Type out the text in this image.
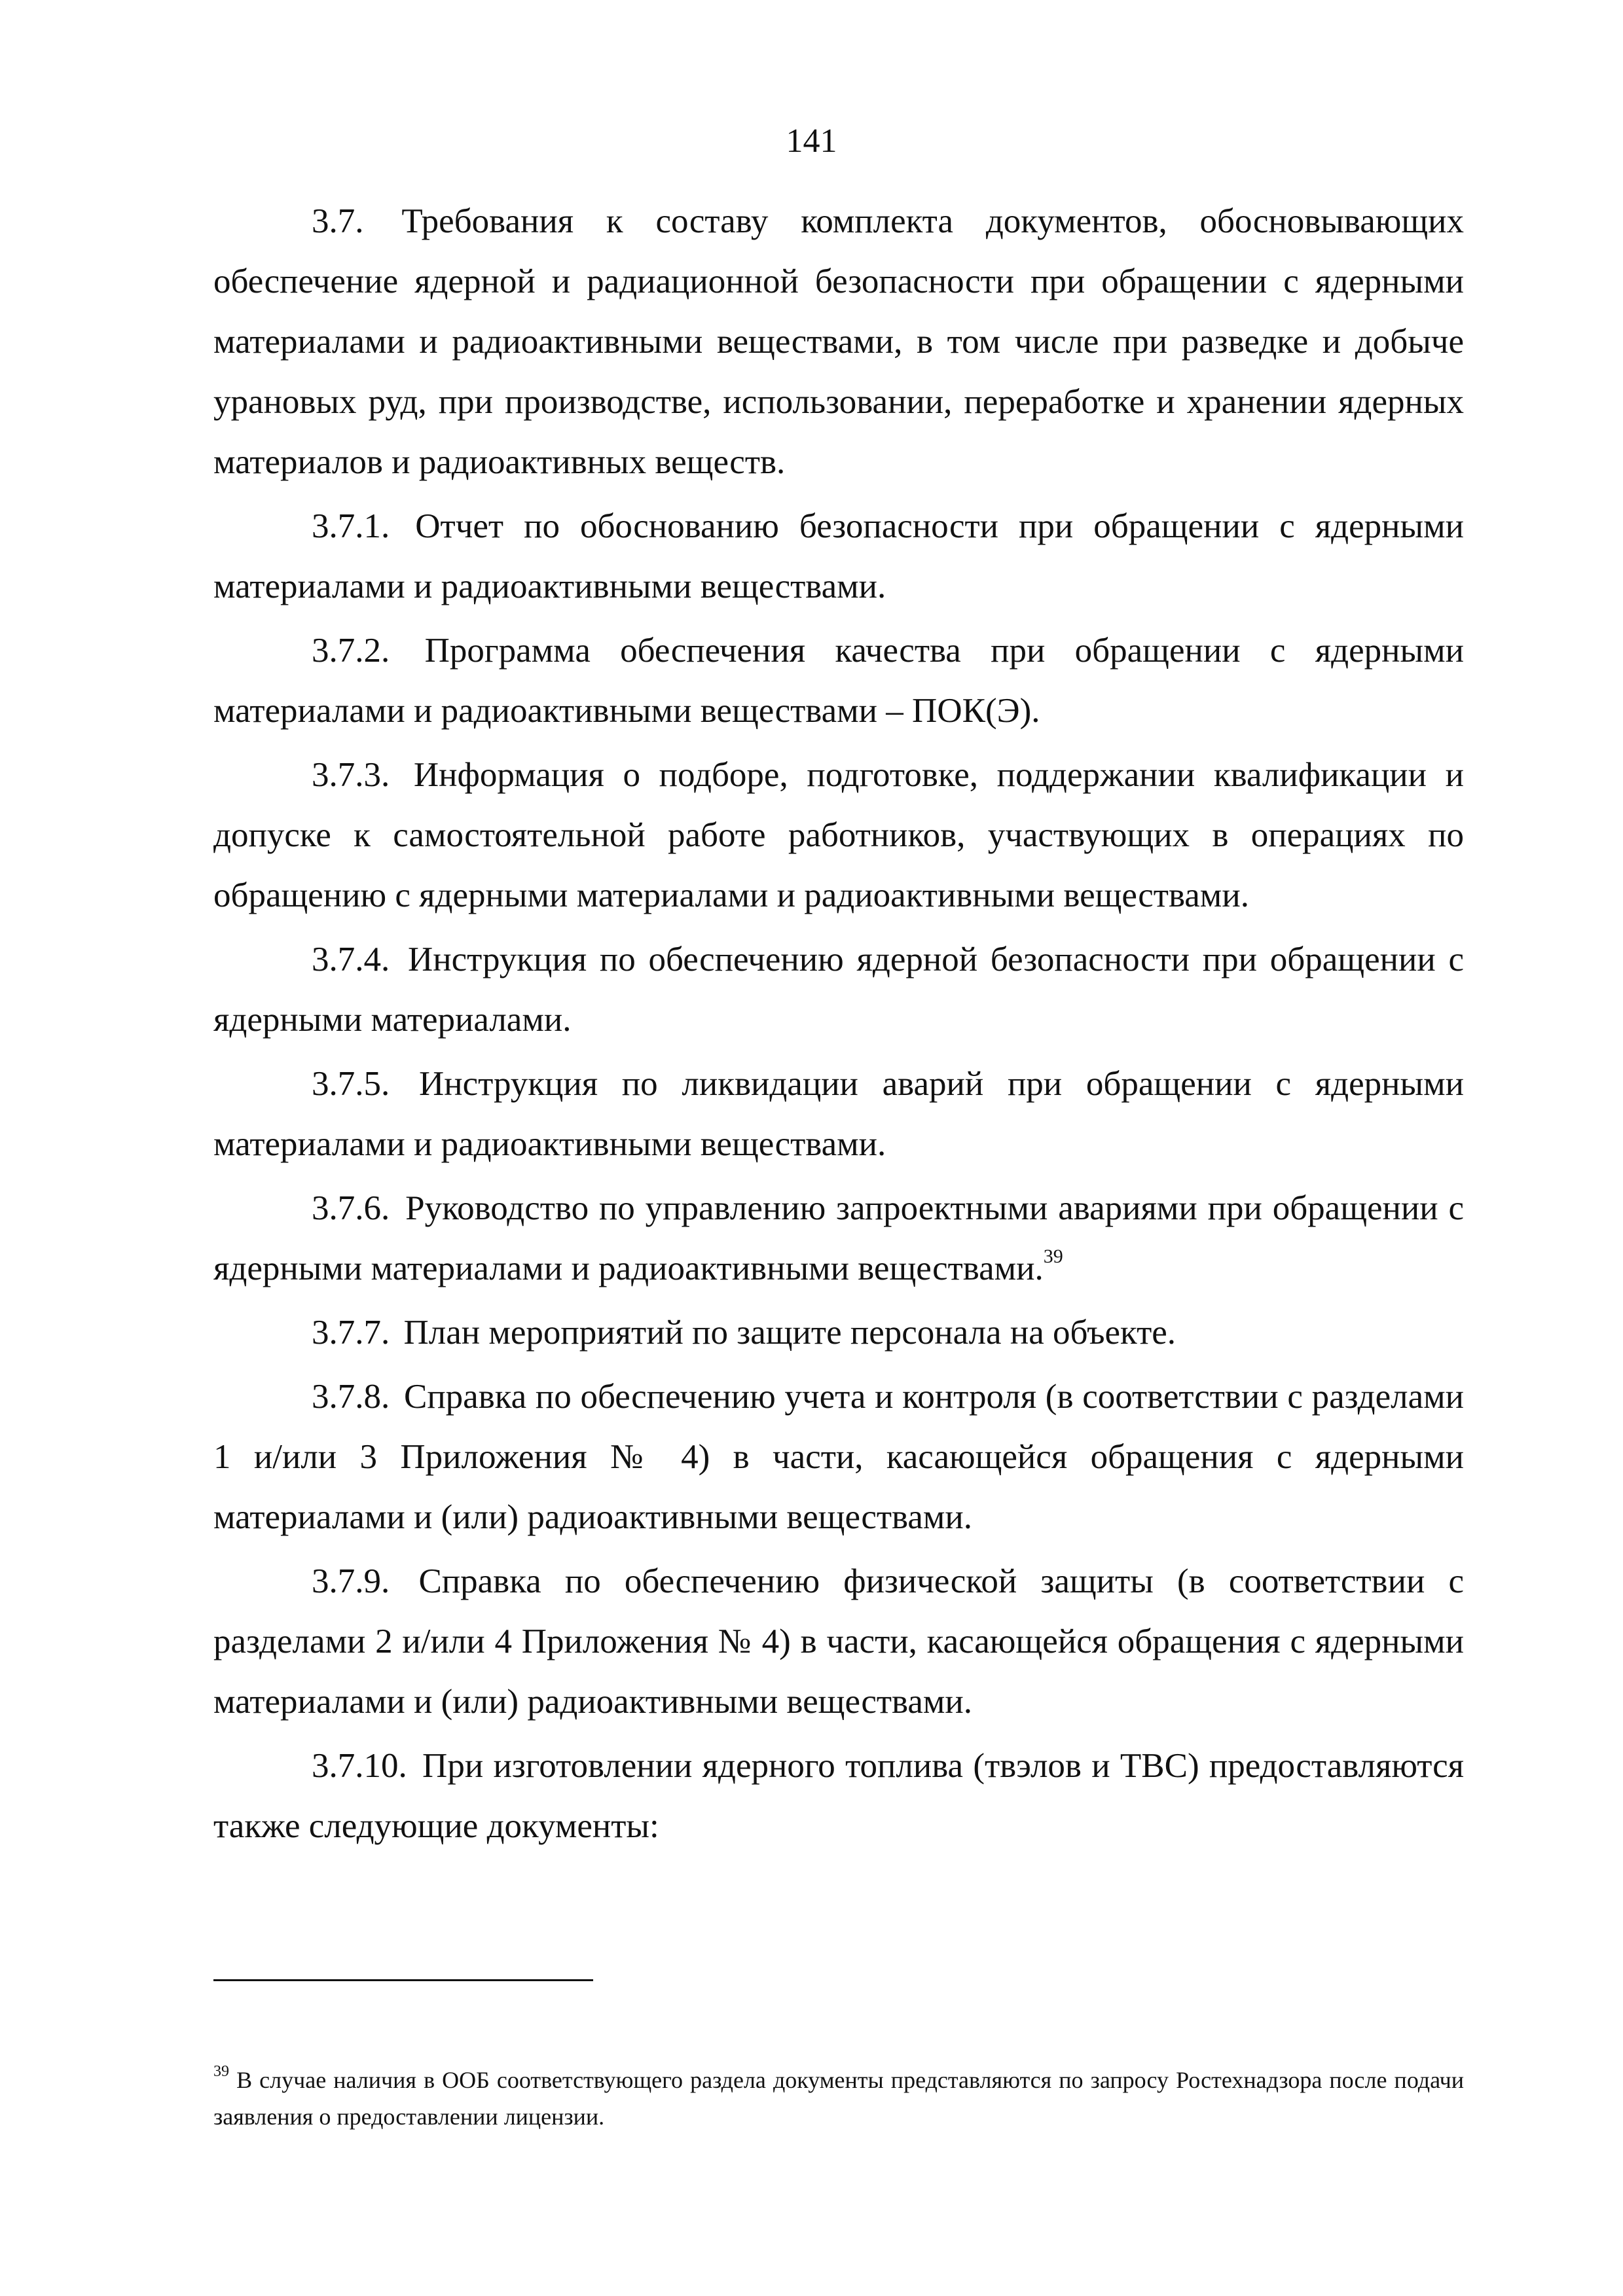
141

3.7. Требования к составу комплекта документов, обосновывающих обеспечение ядерной и радиационной безопасности при обращении с ядерными материалами и радиоактивными веществами, в том числе при разведке и добыче урановых руд, при производстве, использовании, переработке и хранении ядерных материалов и радиоактивных веществ.

3.7.1. Отчет по обоснованию безопасности при обращении с ядерными материалами и радиоактивными веществами.

3.7.2. Программа обеспечения качества при обращении с ядерными материалами и радиоактивными веществами – ПОК(Э).

3.7.3. Информация о подборе, подготовке, поддержании квалификации и допуске к самостоятельной работе работников, участвующих в операциях по обращению с ядерными материалами и радиоактивными веществами.

3.7.4. Инструкция по обеспечению ядерной безопасности при обращении с ядерными материалами.

3.7.5. Инструкция по ликвидации аварий при обращении с ядерными материалами и радиоактивными веществами.

3.7.6. Руководство по управлению запроектными авариями при обращении с ядерными материалами и радиоактивными веществами.$^{39}$

3.7.7. План мероприятий по защите персонала на объекте.

3.7.8. Справка по обеспечению учета и контроля (в соответствии с разделами 1 и/или 3 Приложения № 4) в части, касающейся обращения с ядерными материалами и (или) радиоактивными веществами.

3.7.9. Справка по обеспечению физической защиты (в соответствии с разделами 2 и/или 4 Приложения № 4) в части, касающейся обращения с ядерными материалами и (или) радиоактивными веществами.

3.7.10. При изготовлении ядерного топлива (твэлов и ТВС) предоставляются также следующие документы:

$^{39}$ В случае наличия в ООБ соответствующего раздела документы представляются по запросу Ростехнадзора после подачи заявления о предоставлении лицензии.
